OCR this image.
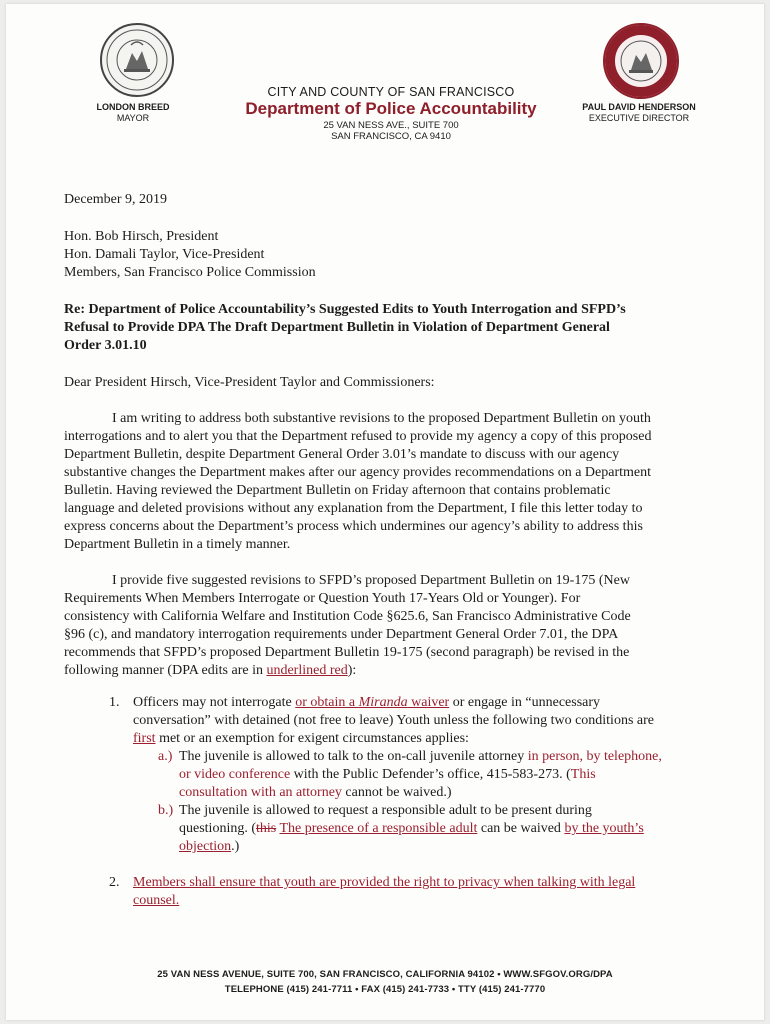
LONDON BREED
MAYOR
PAUL DAVID HENDERSON
EXECUTIVE DIRECTOR
CITY AND COUNTY OF SAN FRANCISCO
Department of Police Accountability
25 VAN NESS AVE., SUITE 700
SAN FRANCISCO, CA 9410
December 9, 2019
Hon. Bob Hirsch, President
Hon. Damali Taylor, Vice-President
Members, San Francisco Police Commission
Re: Department of Police Accountability’s Suggested Edits to Youth Interrogation and SFPD’s
Refusal to Provide DPA The Draft Department Bulletin in Violation of Department General
Order 3.01.10
Dear President Hirsch, Vice-President Taylor and Commissioners:
I am writing to address both substantive revisions to the proposed Department Bulletin on youth
interrogations and to alert you that the Department refused to provide my agency a copy of this proposed
Department Bulletin, despite Department General Order 3.01’s mandate to discuss with our agency
substantive changes the Department makes after our agency provides recommendations on a Department
Bulletin. Having reviewed the Department Bulletin on Friday afternoon that contains problematic
language and deleted provisions without any explanation from the Department, I file this letter today to
express concerns about the Department’s process which undermines our agency’s ability to address this
Department Bulletin in a timely manner.
I provide five suggested revisions to SFPD’s proposed Department Bulletin on 19-175 (New
Requirements When Members Interrogate or Question Youth 17-Years Old or Younger). For
consistency with California Welfare and Institution Code §625.6, San Francisco Administrative Code
§96 (c), and mandatory interrogation requirements under Department General Order 7.01, the DPA
recommends that SFPD’s proposed Department Bulletin 19-175 (second paragraph) be revised in the
following manner (DPA edits are in underlined red):
1. Officers may not interrogate or obtain a Miranda waiver or engage in “unnecessary
conversation” with detained (not free to leave) Youth unless the following two conditions are
first met or an exemption for exigent circumstances applies:
a.) The juvenile is allowed to talk to the on-call juvenile attorney in person, by telephone,
or video conference with the Public Defender’s office, 415-583-273. (This
consultation with an attorney cannot be waived.)
b.) The juvenile is allowed to request a responsible adult to be present during
questioning. (this The presence of a responsible adult can be waived by the youth’s
objection.)
2. Members shall ensure that youth are provided the right to privacy when talking with legal
counsel.
25 VAN NESS AVENUE, SUITE 700, SAN FRANCISCO, CALIFORNIA 94102 • WWW.SFGOV.ORG/DPA
TELEPHONE (415) 241-7711 • FAX (415) 241-7733 • TTY (415) 241-7770
